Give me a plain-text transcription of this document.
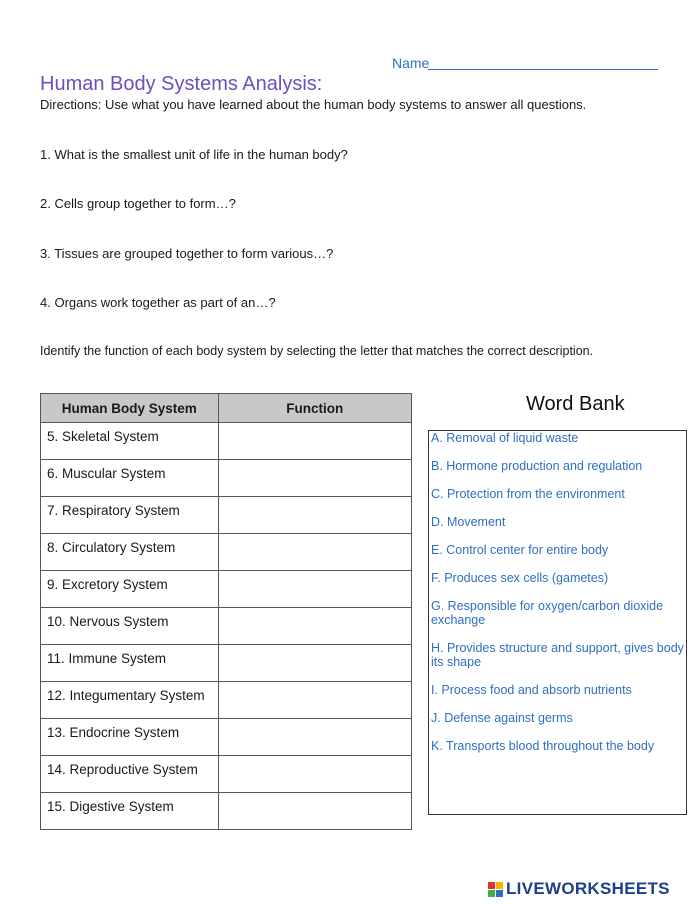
Name
Human Body Systems Analysis:
Directions: Use what you have learned about the human body systems to answer all questions.
1. What is the smallest unit of life in the human body?
2. Cells group together to form…?
3. Tissues are grouped together to form various…?
4. Organs work together as part of an…?
Identify the function of each body system by selecting the letter that matches the correct description.
Human Body System	Function
5. Skeletal System	
6. Muscular System	
7. Respiratory System	
8. Circulatory System	
9. Excretory System	
10. Nervous System	
11. Immune System	
12. Integumentary System	
13. Endocrine System	
14. Reproductive System	
15. Digestive System	
Word Bank
A. Removal of liquid waste
B. Hormone production and regulation
C. Protection from the environment
D. Movement
E. Control center for entire body
F. Produces sex cells (gametes)
G. Responsible for oxygen/carbon dioxide exchange
H. Provides structure and support, gives body its shape
I. Process food and absorb nutrients
J. Defense against germs
K. Transports blood throughout the body
LIVEWORKSHEETS
